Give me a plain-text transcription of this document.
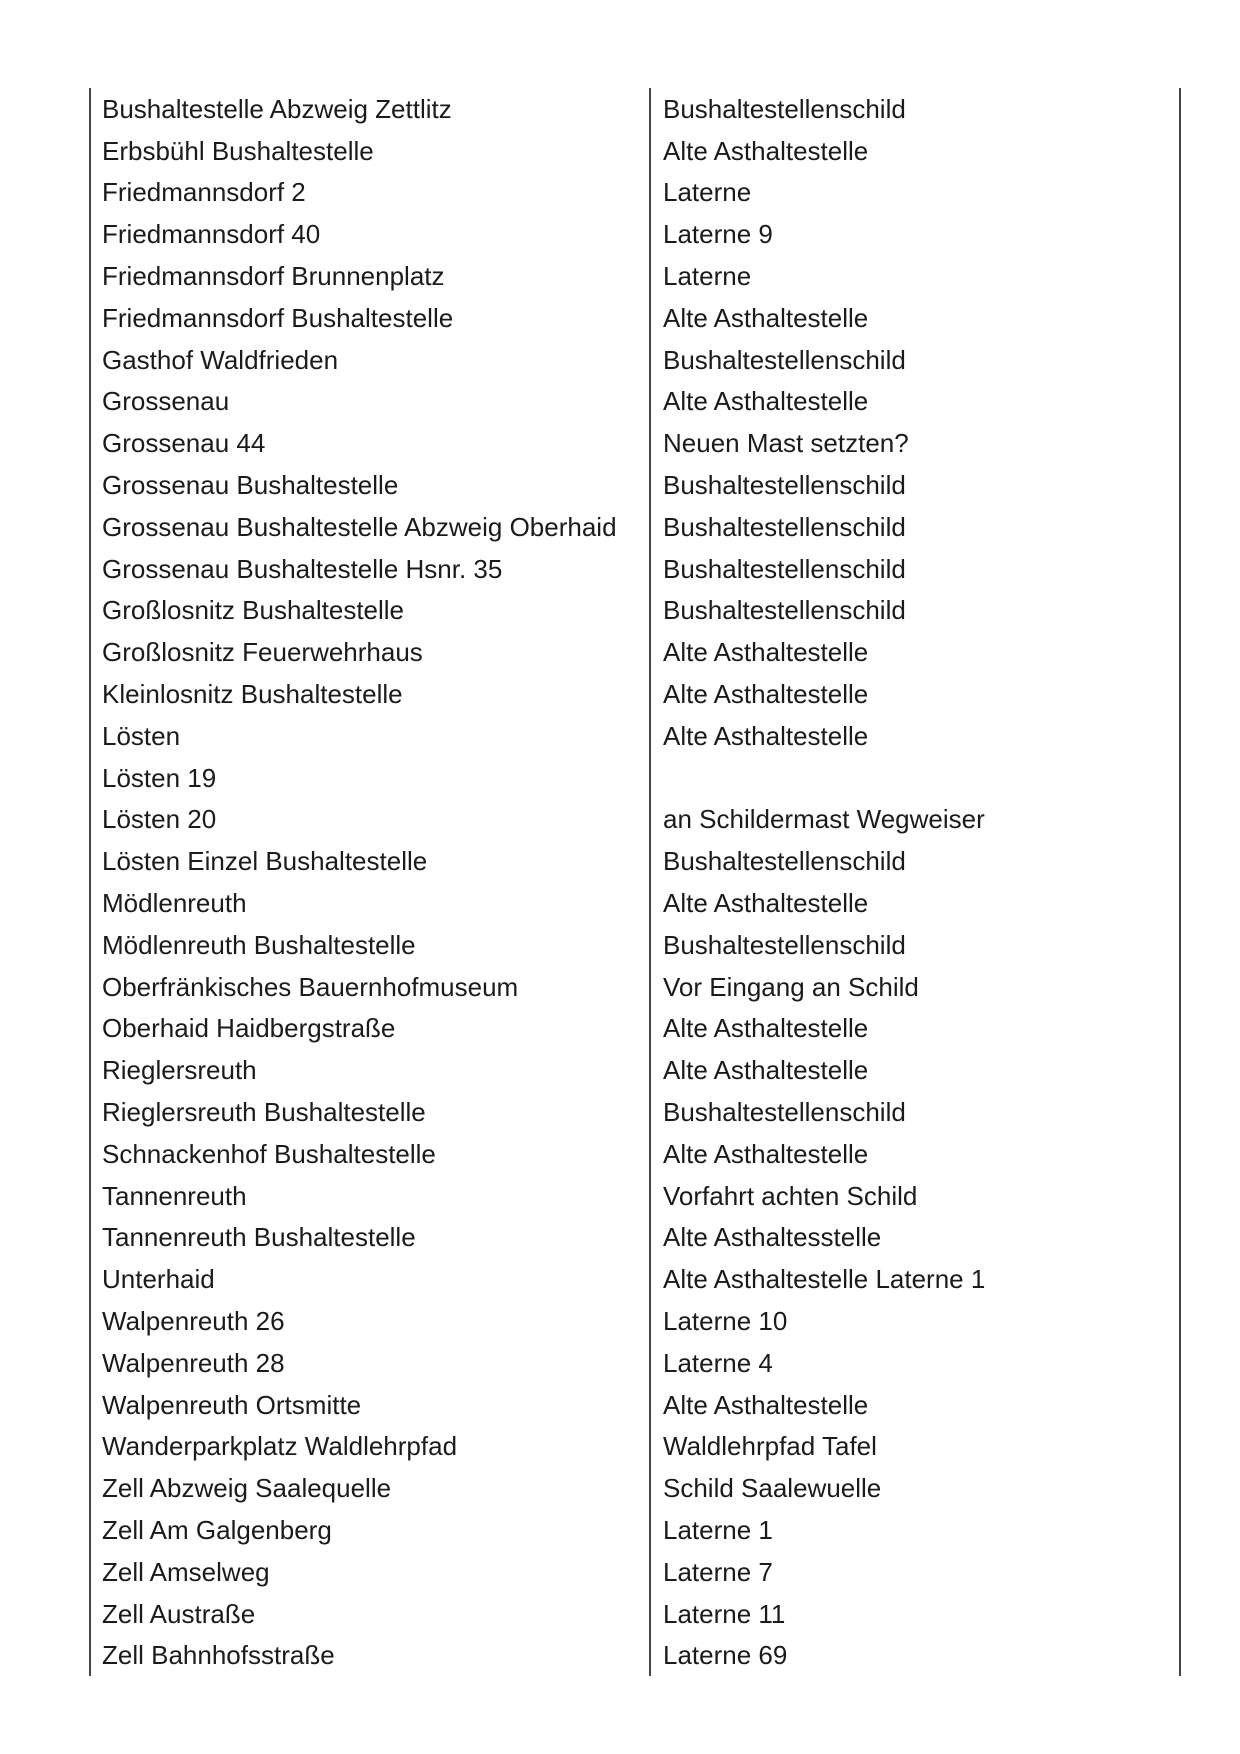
Bushaltestelle Abzweig Zettlitz	Bushaltestellenschild
Erbsbühl Bushaltestelle	Alte Asthaltestelle
Friedmannsdorf 2	Laterne
Friedmannsdorf 40	Laterne 9
Friedmannsdorf Brunnenplatz	Laterne
Friedmannsdorf Bushaltestelle	Alte Asthaltestelle
Gasthof Waldfrieden	Bushaltestellenschild
Grossenau	Alte Asthaltestelle
Grossenau 44	Neuen Mast setzten?
Grossenau Bushaltestelle	Bushaltestellenschild
Grossenau Bushaltestelle Abzweig Oberhaid	Bushaltestellenschild
Grossenau Bushaltestelle Hsnr. 35	Bushaltestellenschild
Großlosnitz Bushaltestelle	Bushaltestellenschild
Großlosnitz Feuerwehrhaus	Alte Asthaltestelle
Kleinlosnitz Bushaltestelle	Alte Asthaltestelle
Lösten	Alte Asthaltestelle
Lösten 19
Lösten 20	an Schildermast Wegweiser
Lösten Einzel Bushaltestelle	Bushaltestellenschild
Mödlenreuth	Alte Asthaltestelle
Mödlenreuth Bushaltestelle	Bushaltestellenschild
Oberfränkisches Bauernhofmuseum	Vor Eingang an Schild
Oberhaid Haidbergstraße	Alte Asthaltestelle
Rieglersreuth	Alte Asthaltestelle
Rieglersreuth Bushaltestelle	Bushaltestellenschild
Schnackenhof Bushaltestelle	Alte Asthaltestelle
Tannenreuth	Vorfahrt achten Schild
Tannenreuth Bushaltestelle	Alte Asthaltesstelle
Unterhaid	Alte Asthaltestelle Laterne 1
Walpenreuth 26	Laterne 10
Walpenreuth 28	Laterne 4
Walpenreuth Ortsmitte	Alte Asthaltestelle
Wanderparkplatz Waldlehrpfad	Waldlehrpfad Tafel
Zell Abzweig Saalequelle	Schild Saalewuelle
Zell Am Galgenberg	Laterne 1
Zell Amselweg	Laterne 7
Zell Austraße	Laterne 11
Zell Bahnhofsstraße	Laterne 69
